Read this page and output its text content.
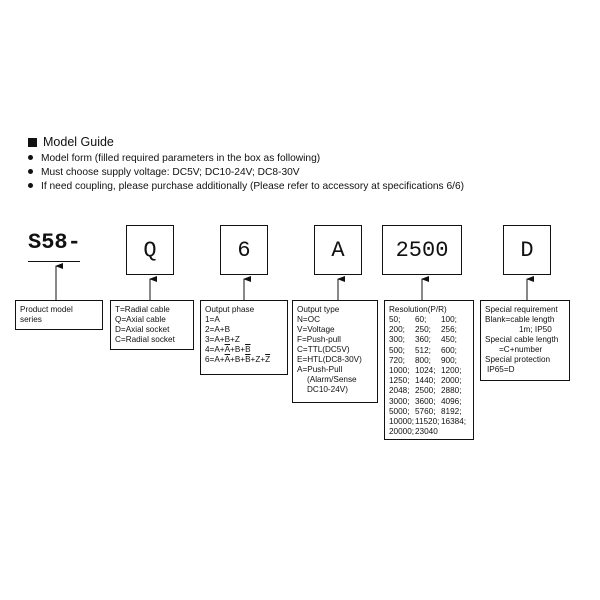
Model Guide
Model form (filled required parameters in the box as following)
Must choose supply voltage: DC5V; DC10-24V; DC8-30V
If need coupling, please purchase additionally (Please refer to accessory at specifications 6/6)
S58-	Q	6	A	2500	D
Product model
series
T=Radial cable
Q=Axial cable
D=Axial socket
C=Radial socket
Output phase
1=A
2=A+B
3=A+B+Z
$4=A+\overline{A}+B+\overline{B}$
$6=A+\overline{A}+B+\overline{B}+Z+\overline{Z}$
Output type
N=OC
V=Voltage
F=Push-pull
C=TTL(DC5V)
E=HTL(DC8-30V)
A=Push-Pull
(Alarm/Sense
DC10-24V)
Resolution(P/R)
50;	60;	100;
200;	250;	256;
300;	360;	450;
500;	512;	600;
720;	800;	900;
1000; 1024; 1200;
1250; 1440; 2000;
2048; 2500; 2880;
3000; 3600; 4096;
5000; 5760; 8192;
10000; 11520; 16384;
20000; 23040
Special requirement
Blank=cable length
1m; IP50
Special cable length
=C+number
Special protection
IP65=D
